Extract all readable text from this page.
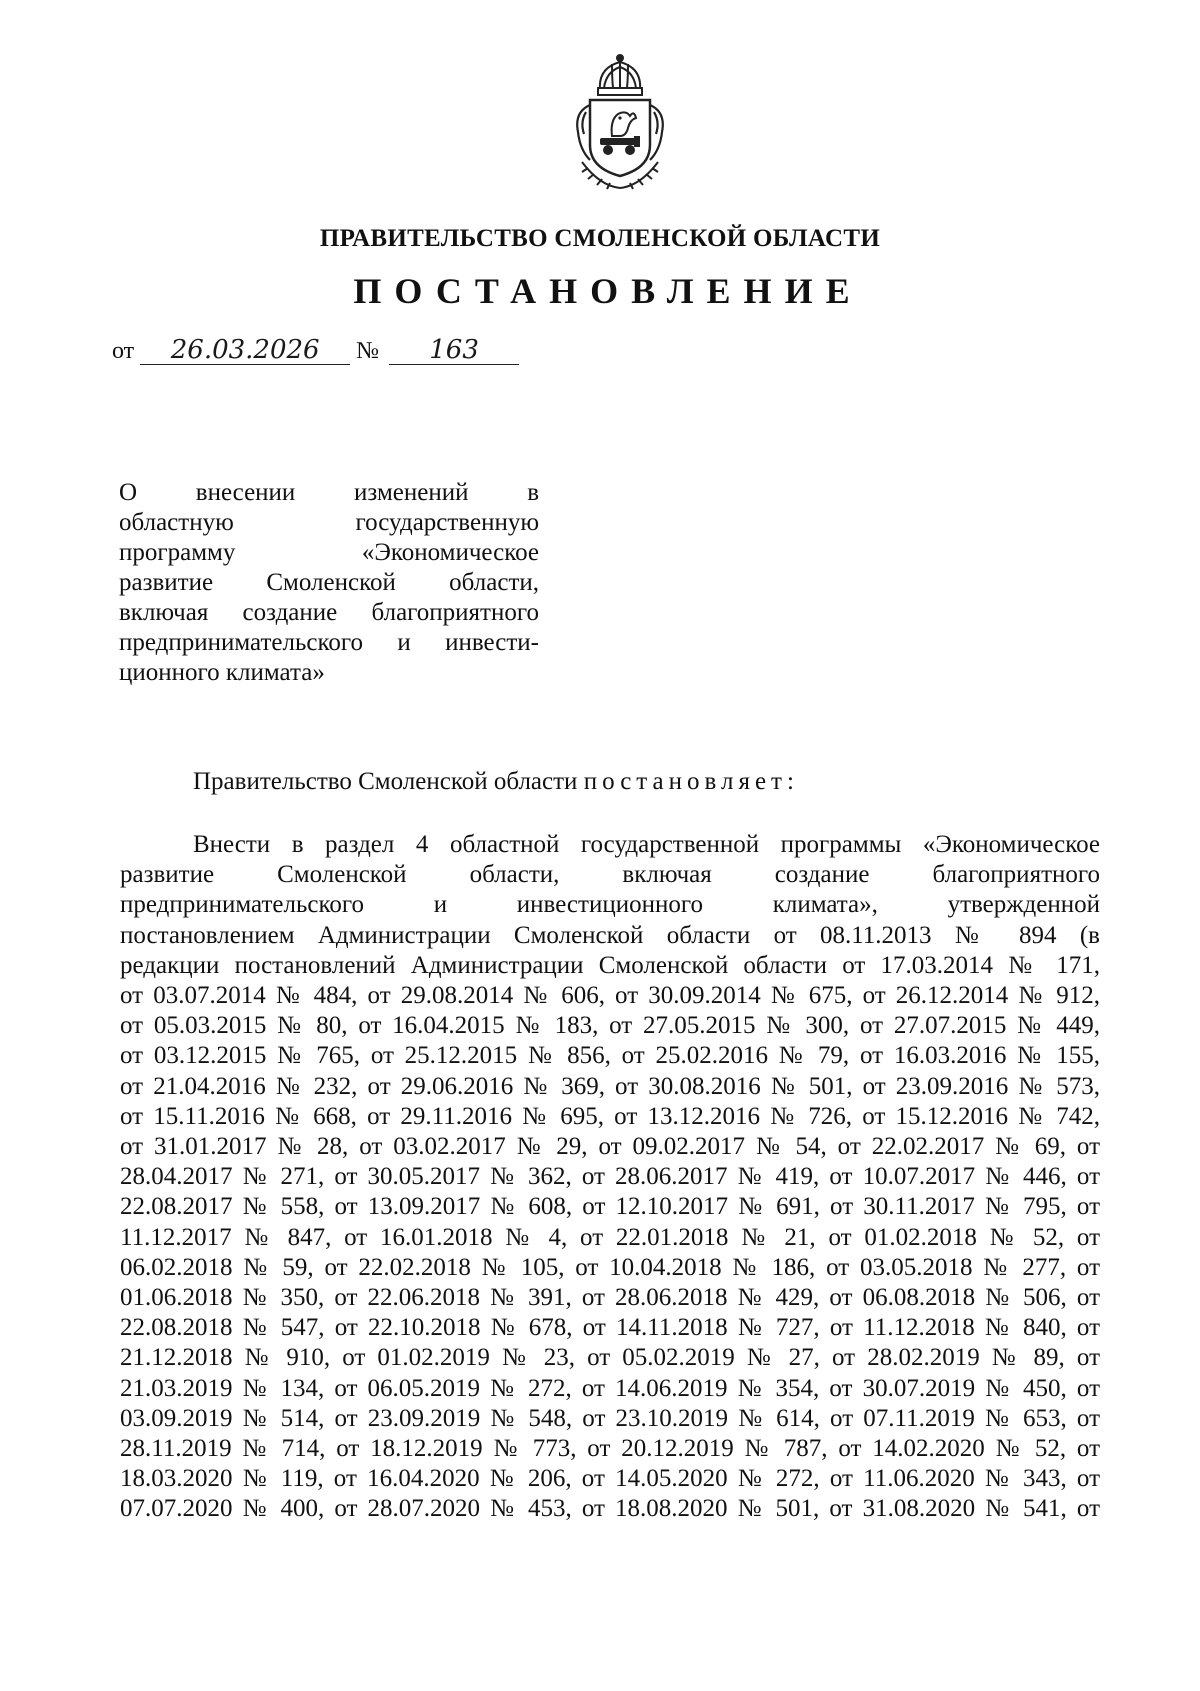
ПРАВИТЕЛЬСТВО СМОЛЕНСКОЙ ОБЛАСТИ
ПОСТАНОВЛЕНИЕ
от 26.03.2026 № 163
О внесении изменений в
областную государственную
программу «Экономическое
развитие Смоленской области,
включая создание благоприятного
предпринимательского и инвести-
ционного климата»
Правительство Смоленской области постановляет:
Внести в раздел 4 областной государственной программы «Экономическое
развитие Смоленской области, включая создание благоприятного
предпринимательского и инвестиционного климата», утвержденной
постановлением Администрации Смоленской области от 08.11.2013 № 894 (в
редакции постановлений Администрации Смоленской области от 17.03.2014 № 171,
от 03.07.2014 № 484, от 29.08.2014 № 606, от 30.09.2014 № 675, от 26.12.2014 № 912,
от 05.03.2015 № 80, от 16.04.2015 № 183, от 27.05.2015 № 300, от 27.07.2015 № 449,
от 03.12.2015 № 765, от 25.12.2015 № 856, от 25.02.2016 № 79, от 16.03.2016 № 155,
от 21.04.2016 № 232, от 29.06.2016 № 369, от 30.08.2016 № 501, от 23.09.2016 № 573,
от 15.11.2016 № 668, от 29.11.2016 № 695, от 13.12.2016 № 726, от 15.12.2016 № 742,
от 31.01.2017 № 28, от 03.02.2017 № 29, от 09.02.2017 № 54, от 22.02.2017 № 69, от
28.04.2017 № 271, от 30.05.2017 № 362, от 28.06.2017 № 419, от 10.07.2017 № 446, от
22.08.2017 № 558, от 13.09.2017 № 608, от 12.10.2017 № 691, от 30.11.2017 № 795, от
11.12.2017 № 847, от 16.01.2018 № 4, от 22.01.2018 № 21, от 01.02.2018 № 52, от
06.02.2018 № 59, от 22.02.2018 № 105, от 10.04.2018 № 186, от 03.05.2018 № 277, от
01.06.2018 № 350, от 22.06.2018 № 391, от 28.06.2018 № 429, от 06.08.2018 № 506, от
22.08.2018 № 547, от 22.10.2018 № 678, от 14.11.2018 № 727, от 11.12.2018 № 840, от
21.12.2018 № 910, от 01.02.2019 № 23, от 05.02.2019 № 27, от 28.02.2019 № 89, от
21.03.2019 № 134, от 06.05.2019 № 272, от 14.06.2019 № 354, от 30.07.2019 № 450, от
03.09.2019 № 514, от 23.09.2019 № 548, от 23.10.2019 № 614, от 07.11.2019 № 653, от
28.11.2019 № 714, от 18.12.2019 № 773, от 20.12.2019 № 787, от 14.02.2020 № 52, от
18.03.2020 № 119, от 16.04.2020 № 206, от 14.05.2020 № 272, от 11.06.2020 № 343, от
07.07.2020 № 400, от 28.07.2020 № 453, от 18.08.2020 № 501, от 31.08.2020 № 541, от
